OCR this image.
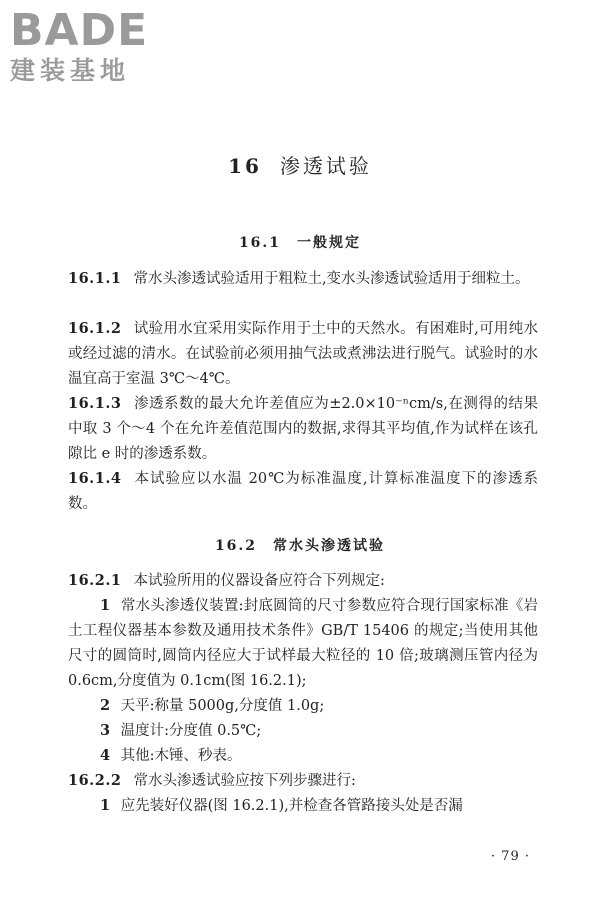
BADE
建装基地
16 渗透试验
16.1 一般规定

16.1.1 常水头渗透试验适用于粗粒土,变水头渗透试验适用于细粒土。

16.1.2 试验用水宜采用实际作用于土中的天然水。有困难时,可用纯水或经过滤的清水。在试验前必须用抽气法或煮沸法进行脱气。试验时的水温宜高于室温 3℃～4℃。

16.1.3 渗透系数的最大允许差值应为±2.0×10⁻ⁿcm/s,在测得的结果中取 3 个～4 个在允许差值范围内的数据,求得其平均值,作为试样在该孔隙比 e 时的渗透系数。

16.1.4 本试验应以水温 20℃为标准温度,计算标准温度下的渗透系数。

16.2 常水头渗透试验

16.2.1 本试验所用的仪器设备应符合下列规定:

1 常水头渗透仪装置:封底圆筒的尺寸参数应符合现行国家标准《岩土工程仪器基本参数及通用技术条件》GB/T 15406 的规定;当使用其他尺寸的圆筒时,圆筒内径应大于试样最大粒径的 10 倍;玻璃测压管内径为 0.6cm,分度值为 0.1cm(图 16.2.1);

2 天平:称量 5000g,分度值 1.0g;

3 温度计:分度值 0.5℃;

4 其他:木锤、秒表。

16.2.2 常水头渗透试验应按下列步骤进行:

1 应先装好仪器(图 16.2.1),并检查各管路接头处是否漏

· 79 ·
